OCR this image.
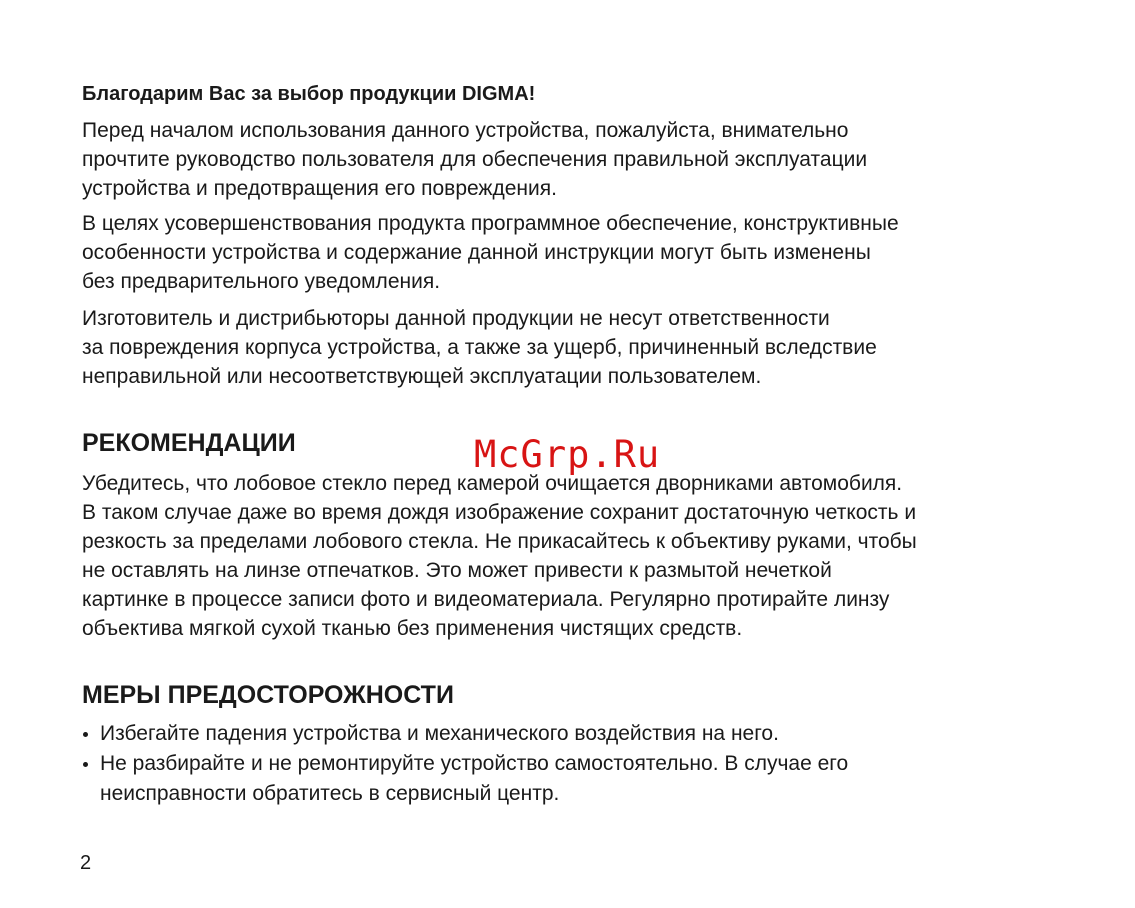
Благодарим Вас за выбор продукции DIGMA!

Перед началом использования данного устройства, пожалуйста, внимательно
прочтите руководство пользователя для обеспечения правильной эксплуатации
устройства и предотвращения его повреждения.

В целях усовершенствования продукта программное обеспечение, конструктивные
особенности устройства и содержание данной инструкции могут быть изменены
без предварительного уведомления.

Изготовитель и дистрибьюторы данной продукции не несут ответственности
за повреждения корпуса устройства, а также за ущерб, причиненный вследствие
неправильной или несоответствующей эксплуатации пользователем.

РЕКОМЕНДАЦИИ

Убедитесь, что лобовое стекло перед камерой очищается дворниками автомобиля.
В таком случае даже во время дождя изображение сохранит достаточную четкость и
резкость за пределами лобового стекла. Не прикасайтесь к объективу руками, чтобы
не оставлять на линзе отпечатков. Это может привести к размытой нечеткой
картинке в процессе записи фото и видеоматериала. Регулярно протирайте линзу
объектива мягкой сухой тканью без применения чистящих средств.

МЕРЫ ПРЕДОСТОРОЖНОСТИ
Избегайте падения устройства и механического воздействия на него.
Не разбирайте и не ремонтируйте устройство самостоятельно. В случае его
неисправности обратитесь в сервисный центр.
2
McGrp.Ru
